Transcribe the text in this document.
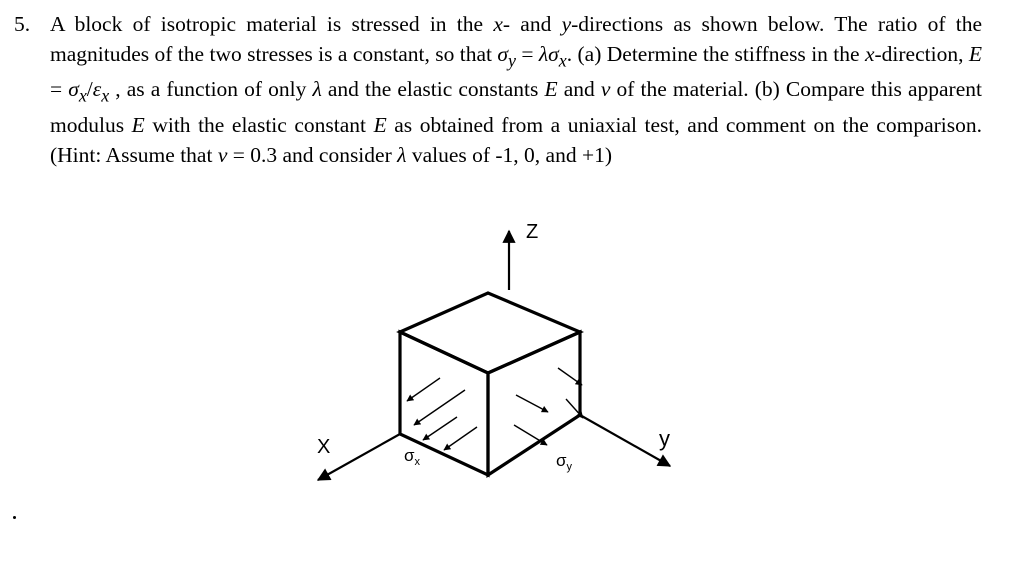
5. A block of isotropic material is stressed in the x- and y-directions as shown below. The ratio of the magnitudes of the two stresses is a constant, so that $\sigma_y = \lambda\sigma_x$. (a) Determine the stiffness in the x-direction, $E = \sigma_x/\varepsilon_x$ , as a function of only λ and the elastic constants E and ν of the material. (b) Compare this apparent modulus E with the elastic constant E as obtained from a uniaxial test, and comment on the comparison. (Hint: Assume that ν = 0.3 and consider λ values of -1, 0, and +1)
Z
X	y
$\sigma_x$	$\sigma_y$
